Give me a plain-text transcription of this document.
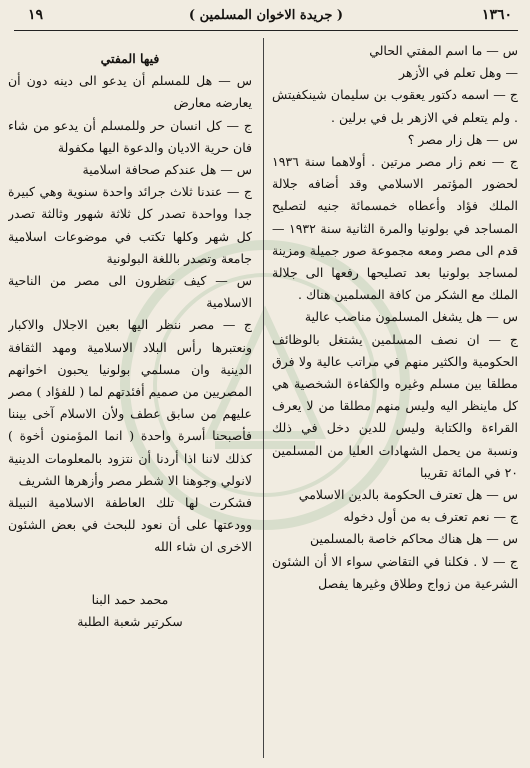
١٣٦٠
( جريدة الاخوان المسلمين )
١٩

س — ما اسم المفتي الحالي

— وهل تعلم في الأزهر

ج — اسمه دكتور يعقوب بن سليمان شينكفيتش . ولم يتعلم في الازهر بل في برلين .

س — هل زار مصر ؟

ج — نعم زار مصر مرتين . أولاهما سنة ١٩٣٦ لحضور المؤتمر الاسلامي وقد أضافه جلالة الملك فؤاد وأعطاه خمسمائة جنيه لتصليح المساجد في بولونيا والمرة الثانية سنة ١٩٣٢ — قدم الى مصر ومعه مجموعة صور جميلة ومزينة لمساجد بولونيا بعد تصليحها رفعها الى جلالة الملك مع الشكر من كافة المسلمين هناك .

س — هل يشغل المسلمون مناصب عالية

ج — ان نصف المسلمين يشتغل بالوظائف الحكومية والكثير منهم في مراتب عالية ولا فرق مطلقا بين مسلم وغيره والكفاءة الشخصية هي كل ماينظر اليه وليس منهم مطلقا من لا يعرف القراءة والكتابة وليس للدين دخل في ذلك ونسبة من يحمل الشهادات العليا من المسلمين ٢٠ في المائة تقريبا

س — هل تعترف الحكومة بالدين الاسلامي

ج — نعم تعترف به من أول دخوله

س — هل هناك محاكم خاصة بالمسلمين

ج — لا . فكلنا في التقاضي سواء الا أن الشئون الشرعية من زواج وطلاق وغيرها يفصل

فيها المفتي

س — هل للمسلم أن يدعو الى دينه دون أن يعارضه معارض

ج — كل انسان حر وللمسلم أن يدعو من شاء فان حرية الاديان والدعوة اليها مكفولة

س — هل عندكم صحافة اسلامية

ج — عندنا ثلاث جرائد واحدة سنوية وهي كبيرة جدا وواحدة تصدر كل ثلاثة شهور وثالثة تصدر كل شهر وكلها تكتب في موضوعات اسلامية جامعة وتصدر باللغة البولونية

س — كيف تنظرون الى مصر من الناحية الاسلامية

ج — مصر ننظر اليها بعين الاجلال والاكبار ونعتبرها رأس البلاد الاسلامية ومهد الثقافة الدينية وان مسلمي بولونيا يحبون اخوانهم المصريين من صميم أفئدتهم لما ( للفؤاد ) مصر عليهم من سابق عطف ولأن الاسلام آخى بيننا فأصبحنا أسرة واحدة ( انما المؤمنون أخوة ) كذلك لاننا اذا أردنا أن نتزود بالمعلومات الدينية لانولي وجوهنا الا شطر مصر وأزهرها الشريف

فشكرت لها تلك العاطفة الاسلامية النبيلة وودعتها على أن نعود للبحث في بعض الشئون الاخرى ان شاء الله

محمد حمد البنا

سكرتير شعبة الطلبة
